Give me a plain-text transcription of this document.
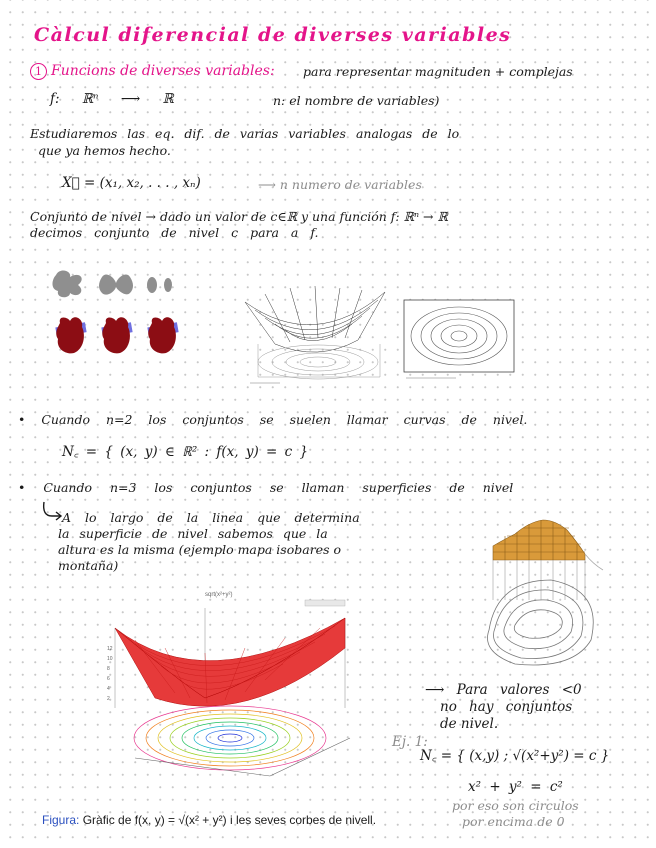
Càlcul diferencial de diverses variables
1 Funcions de diverses variables: para representar magnituden + complejas
f: ℝⁿ ⟶ ℝ	n: el nombre de variables)
Estudiaremos las eq. dif. de varias variables analogas de lo
que ya hemos hecho.
X⃗ = (x₁, x₂, . . . , xₙ)	⟶ n numero de variables
Conjunto de nivel → dado un valor de c∈ℝ y una función f: ℝⁿ → ℝ
decimos conjunto de nivel c para a f.
• Cuando n=2 los conjuntos se suelen llamar curvas de nivel.
N꜀ = { (x, y) ∈ ℝ² : f(x, y) = c }
• Cuando n=3 los conjuntos se llaman superficies de nivel
A lo largo de la linea que determina
la superficie de nivel sabemos que la
altura es la misma (ejemplo mapa isobares o
montaña)
sqrt(x²+y²)
12
10
8
6
4
2
⟶ Para valores <0
no hay conjuntos
de nivel.
Ej. 1:
N꜀ = { (x,y) ; √(x²+y²) = c }
x² + y² = c²
por eso son circulos
por encima de 0
Figura: Gràfic de f(x, y) = √(x² + y²) i les seves corbes de nivell.
